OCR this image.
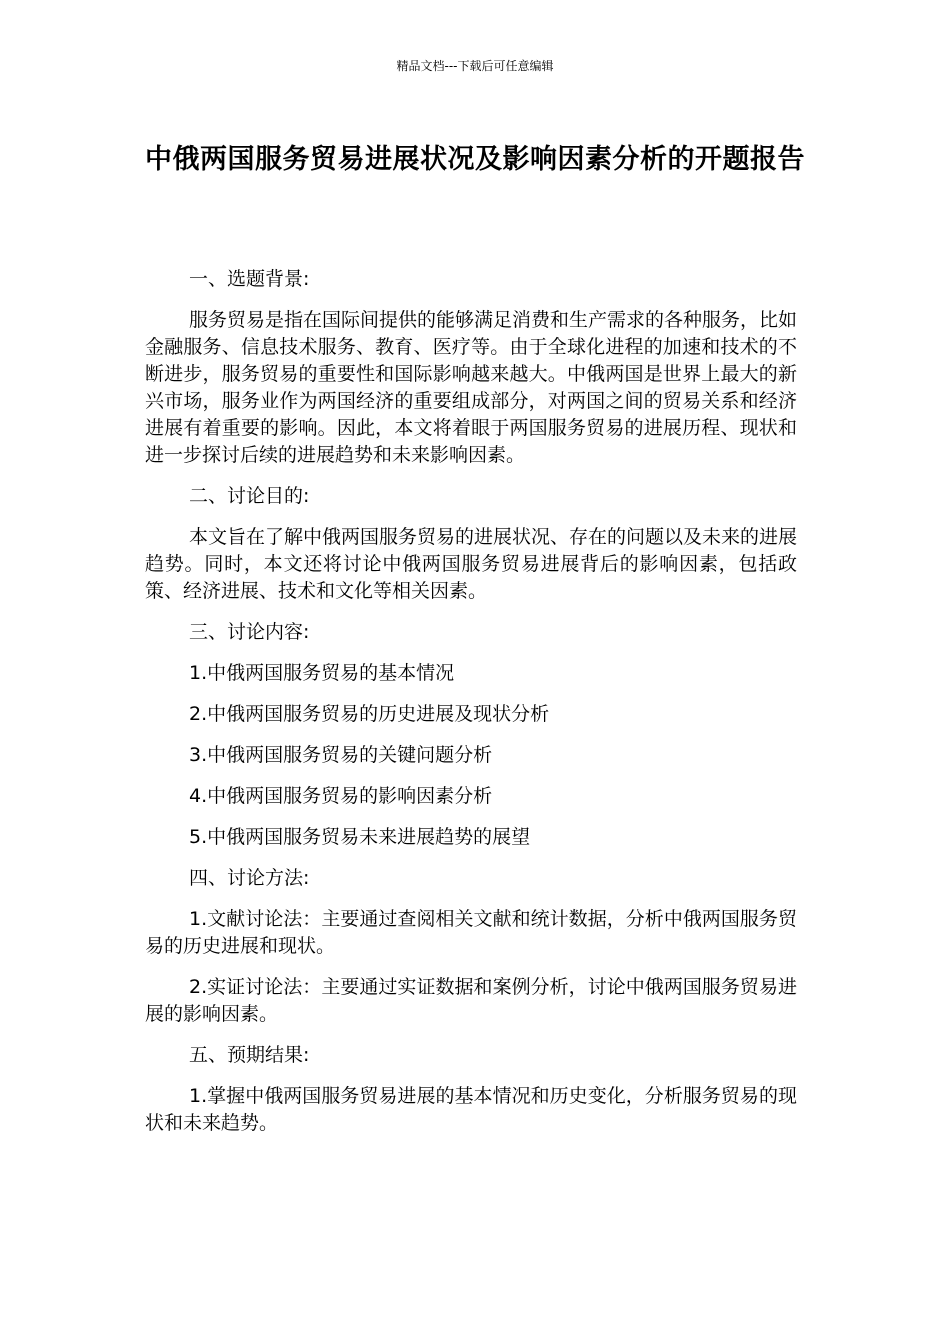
精品文档---下载后可任意编辑
中俄两国服务贸易进展状况及影响因素分析的开题报告

一、选题背景:

服务贸易是指在国际间提供的能够满足消费和生产需求的各种服务，比如金融服务、信息技术服务、教育、医疗等。由于全球化进程的加速和技术的不断进步，服务贸易的重要性和国际影响越来越大。中俄两国是世界上最大的新兴市场，服务业作为两国经济的重要组成部分，对两国之间的贸易关系和经济进展有着重要的影响。因此，本文将着眼于两国服务贸易的进展历程、现状和进一步探讨后续的进展趋势和未来影响因素。

二、讨论目的:

本文旨在了解中俄两国服务贸易的进展状况、存在的问题以及未来的进展趋势。同时，本文还将讨论中俄两国服务贸易进展背后的影响因素，包括政策、经济进展、技术和文化等相关因素。

三、讨论内容:

1.中俄两国服务贸易的基本情况

2.中俄两国服务贸易的历史进展及现状分析

3.中俄两国服务贸易的关键问题分析

4.中俄两国服务贸易的影响因素分析

5.中俄两国服务贸易未来进展趋势的展望

四、讨论方法:

1.文献讨论法：主要通过查阅相关文献和统计数据，分析中俄两国服务贸易的历史进展和现状。

2.实证讨论法：主要通过实证数据和案例分析，讨论中俄两国服务贸易进展的影响因素。

五、预期结果:

1.掌握中俄两国服务贸易进展的基本情况和历史变化，分析服务贸易的现状和未来趋势。
